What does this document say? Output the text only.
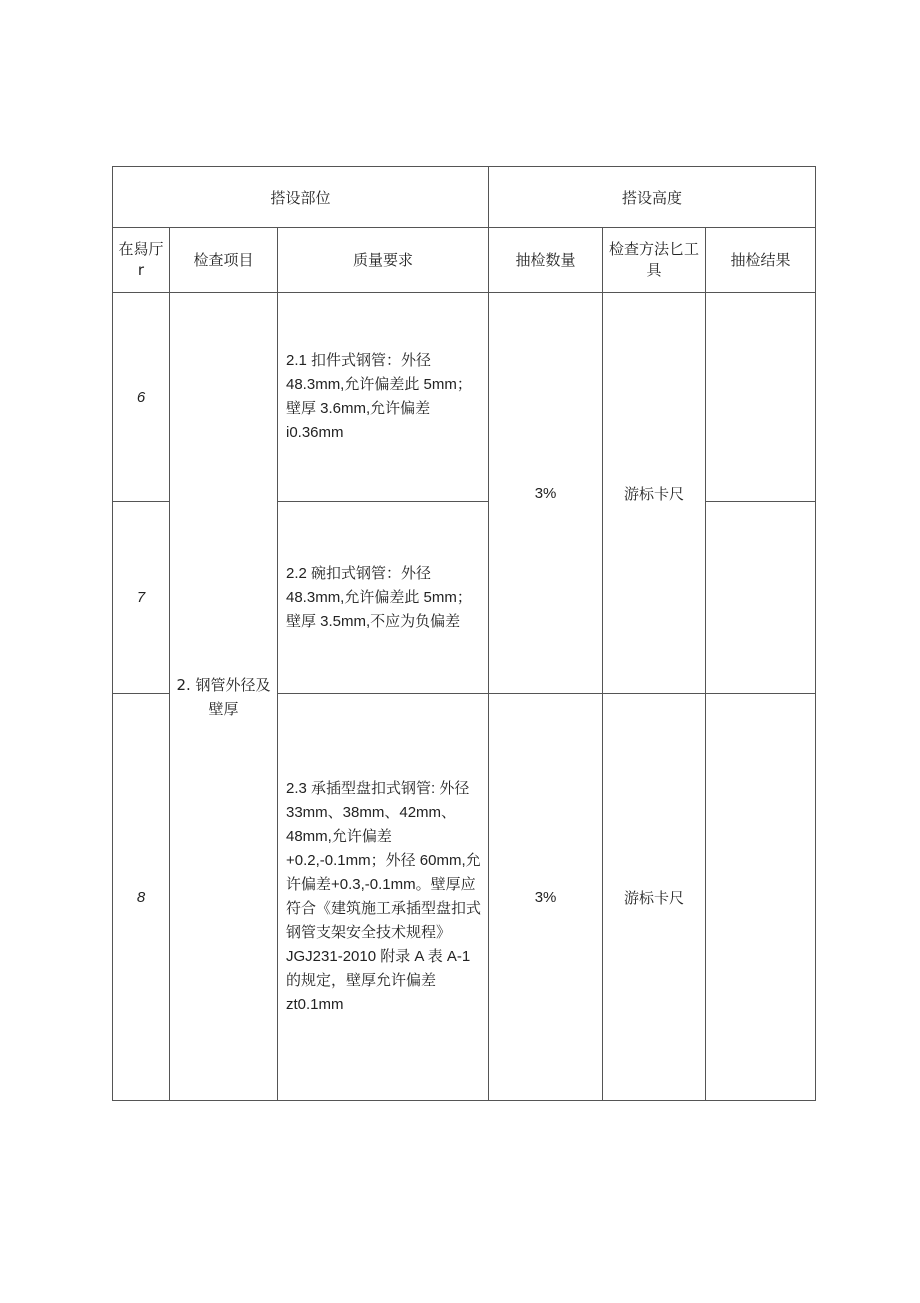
搭设部位			搭设高度		

在舄厅
r	检查项目	质量要求	抽检数量	检查方法匕工具	抽检结果
6	2. 钢管外径及壁厚	2.1 扣件式钢管：外径48.3mm,允许偏差此 5mm；壁厚 3.6mm,允许偏差i0.36mm	3%	游标卡尺	
7		2.2 碗扣式钢管：外径48.3mm,允许偏差此 5mm；壁厚 3.5mm,不应为负偏差			
8		2.3 承插型盘扣式钢管: 外径33mm、38mm、42mm、48mm,允许偏差+0.2,-0.1mm；外径 60mm,允许偏差+0.3,-0.1mm。壁厚应符合《建筑施工承插型盘扣式钢管支架安全技术规程》JGJ231-2010 附录 A 表 A-1 的规定，壁厚允许偏差 zt0.1mm	3%	游标卡尺	
